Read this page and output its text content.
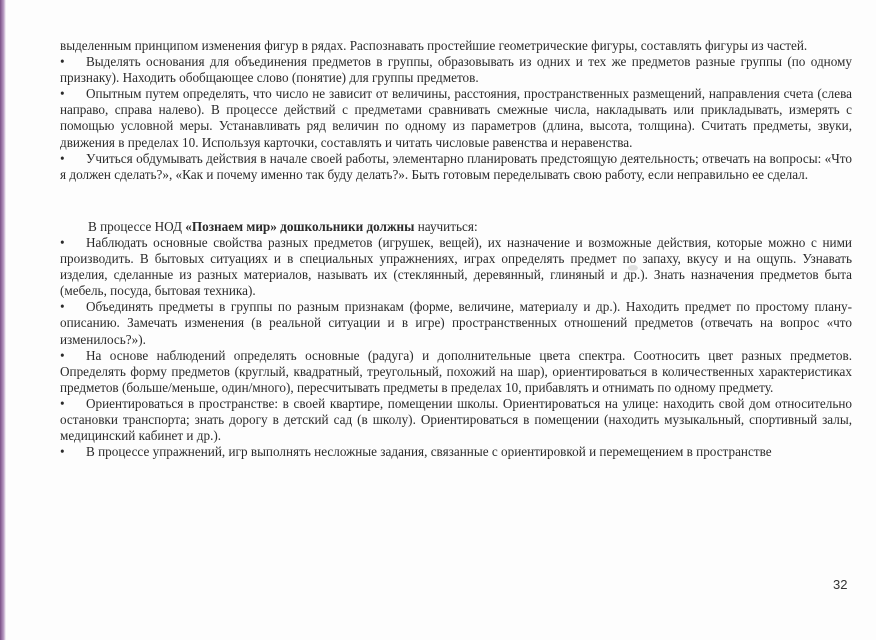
выделенным принципом изменения фигур в рядах. Распознавать простейшие геометрические фигуры, составлять фигуры из частей.

• Выделять основания для объединения предметов в группы, образовывать из одних и тех же предметов разные группы (по одному признаку). Находить обобщающее слово (понятие) для группы предметов.

• Опытным путем определять, что число не зависит от величины, расстояния, пространственных размещений, направления счета (слева направо, справа налево). В процессе действий с предметами сравнивать смежные числа, накладывать или прикладывать, измерять с помощью условной меры. Устанавливать ряд величин по одному из параметров (длина, высота, толщина). Считать предметы, звуки, движения в пределах 10. Используя карточки, составлять и читать числовые равенства и неравенства.

• Учиться обдумывать действия в начале своей работы, элементарно планировать предстоящую деятельность; отвечать на вопросы: «Что я должен сделать?», «Как и почему именно так буду делать?». Быть готовым переделывать свою работу, если неправильно ее сделал.

В процессе НОД «Познаем мир» дошкольники должны научиться:

• Наблюдать основные свойства разных предметов (игрушек, вещей), их назначение и возможные действия, которые можно с ними производить. В бытовых ситуациях и в специальных упражнениях, играх определять предмет по запаху, вкусу и на ощупь. Узнавать изделия, сделанные из разных материалов, называть их (стеклянный, деревянный, глиняный и др.). Знать назначения предметов быта (мебель, посуда, бытовая техника).

• Объединять предметы в группы по разным признакам (форме, величине, материалу и др.). Находить предмет по простому плану-описанию. Замечать изменения (в реальной ситуации и в игре) пространственных отношений предметов (отвечать на вопрос «что изменилось?»).

• На основе наблюдений определять основные (радуга) и дополнительные цвета спектра. Соотносить цвет разных предметов. Определять форму предметов (круглый, квадратный, треугольный, похожий на шар), ориентироваться в количественных характеристиках предметов (больше/меньше, один/много), пересчитывать предметы в пределах 10, прибавлять и отнимать по одному предмету.

• Ориентироваться в пространстве: в своей квартире, помещении школы. Ориентироваться на улице: находить свой дом относительно остановки транспорта; знать дорогу в детский сад (в школу). Ориентироваться в помещении (находить музыкальный, спортивный залы, медицинский кабинет и др.).

• В процессе упражнений, игр выполнять несложные задания, связанные с ориентировкой и перемещением в пространстве

32
